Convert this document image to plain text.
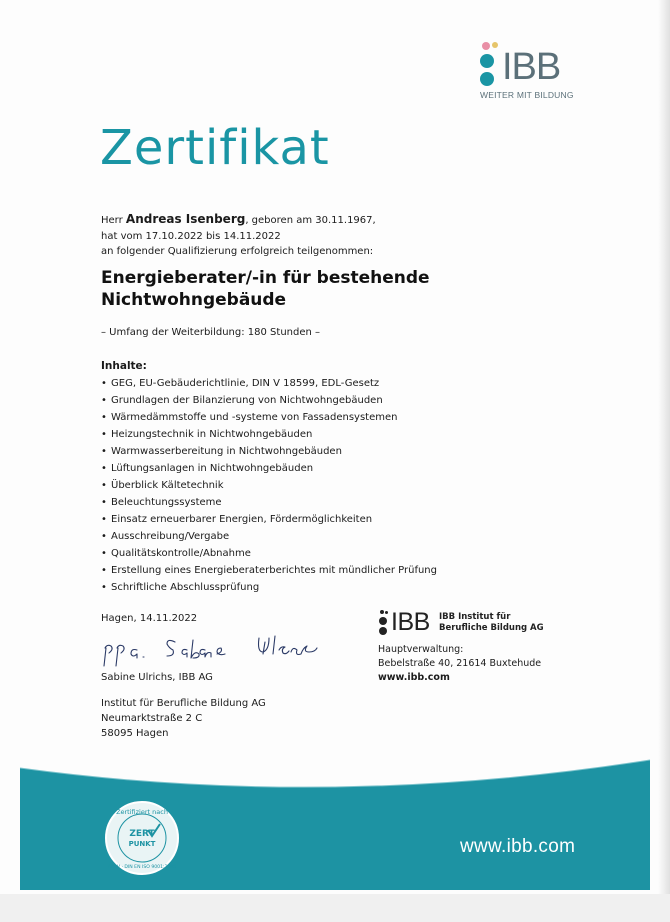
IBB
WEITER MIT BILDUNG
Zertifikat
Herr Andreas Isenberg, geboren am 30.11.1967,
hat vom 17.10.2022 bis 14.11.2022
an folgender Qualifizierung erfolgreich teilgenommen:
Energieberater/-in für bestehende
Nichtwohngebäude
– Umfang der Weiterbildung: 180 Stunden –
Inhalte:
• GEG, EU-Gebäuderichtlinie, DIN V 18599, EDL-Gesetz
• Grundlagen der Bilanzierung von Nichtwohngebäuden
• Wärmedämmstoffe und -systeme von Fassadensystemen
• Heizungstechnik in Nichtwohngebäuden
• Warmwasserbereitung in Nichtwohngebäuden
• Lüftungsanlagen in Nichtwohngebäuden
• Überblick Kältetechnik
• Beleuchtungssysteme
• Einsatz erneuerbarer Energien, Fördermöglichkeiten
• Ausschreibung/Vergabe
• Qualitätskontrolle/Abnahme
• Erstellung eines Energieberaterberichtes mit mündlicher Prüfung
• Schriftliche Abschlussprüfung
Hagen, 14.11.2022
Sabine Ulrichs, IBB AG
Institut für Berufliche Bildung AG
Neumarktstraße 2 C
58095 Hagen
IBB IBB Institut für
Berufliche Bildung AG
Hauptverwaltung:
Bebelstraße 40, 21614 Buxtehude
www.ibb.com
Zertifiziert nach
ZERT
PUNKT
AZAV · DIN EN ISO 9001:2015
www.ibb.com
